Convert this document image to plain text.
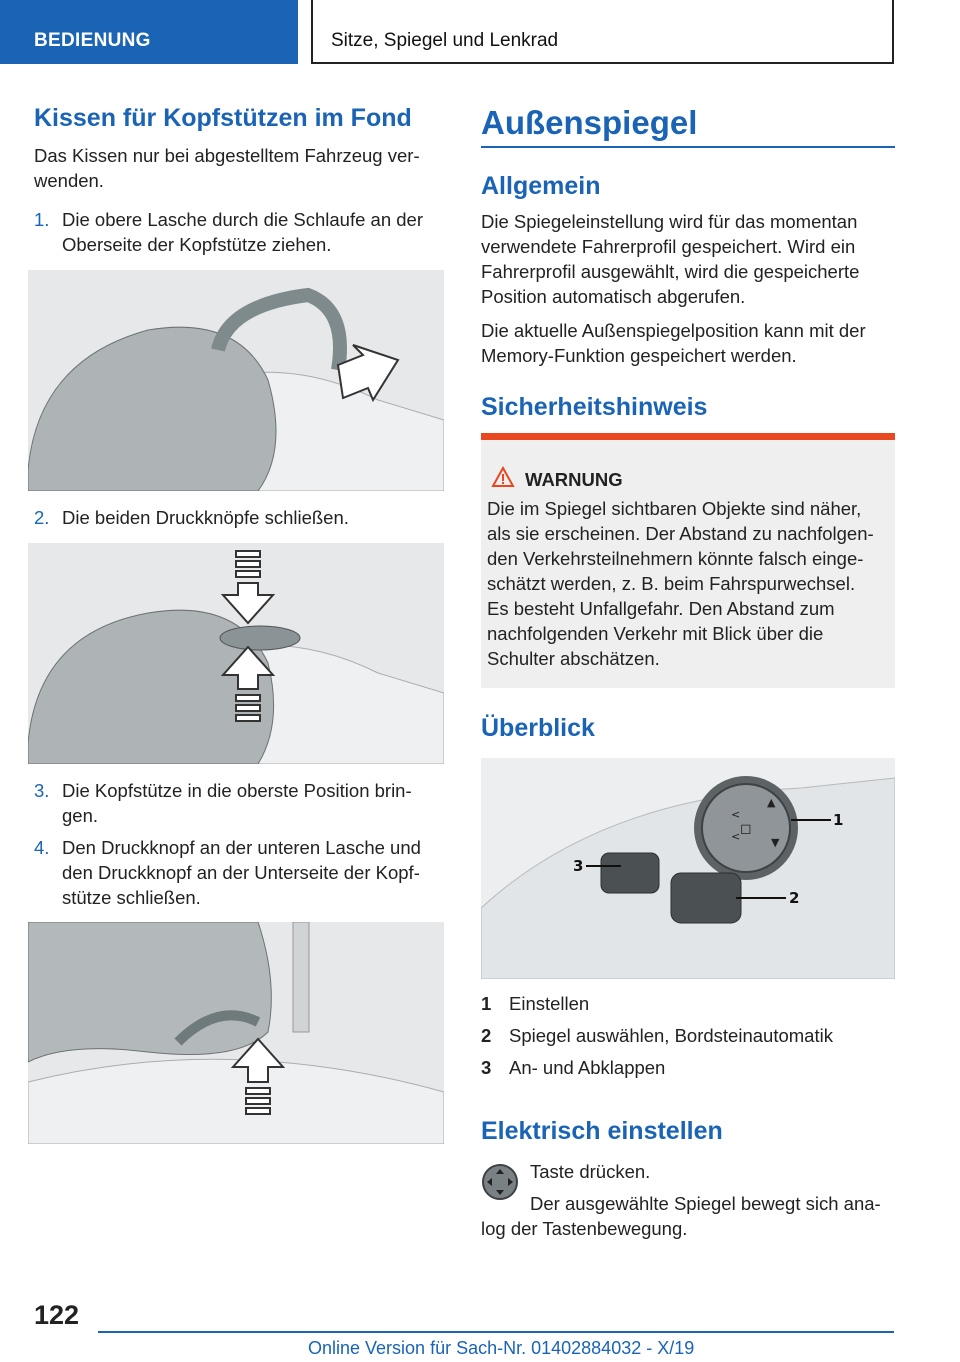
BEDIENUNG	Sitze, Spiegel und Lenkrad
Kissen für Kopfstützen im Fond

Das Kissen nur bei abgestelltem Fahrzeug ver-

wenden.

1. Die obere Lasche durch die Schlaufe an der

Oberseite der Kopfstütze ziehen.

2. Die beiden Druckknöpfe schließen.

3. Die Kopfstütze in die oberste Position brin-

gen.

4. Den Druckknopf an der unteren Lasche und

den Druckknopf an der Unterseite der Kopf-

stütze schließen.

Außenspiegel
Allgemein

Die Spiegeleinstellung wird für das momentan

verwendete Fahrerprofil gespeichert. Wird ein

Fahrerprofil ausgewählt, wird die gespeicherte

Position automatisch abgerufen.

Die aktuelle Außenspiegelposition kann mit der

Memory-Funktion gespeichert werden.

Sicherheitshinweis

WARNUNG

Die im Spiegel sichtbaren Objekte sind näher,

als sie erscheinen. Der Abstand zu nachfolgen-

den Verkehrsteilnehmern könnte falsch einge-

schätzt werden, z. B. beim Fahrspurwechsel.

Es besteht Unfallgefahr. Den Abstand zum

nachfolgenden Verkehr mit Blick über die

Schulter abschätzen.

Überblick
◻
▲
<
<	▼
1
2
3

1 Einstellen

2 Spiegel auswählen, Bordsteinautomatik

3 An- und Abklappen

Elektrisch einstellen

Taste drücken.

Der ausgewählte Spiegel bewegt sich ana-

log der Tastenbewegung.

122
Online Version für Sach-Nr. 01402884032 - X/19
